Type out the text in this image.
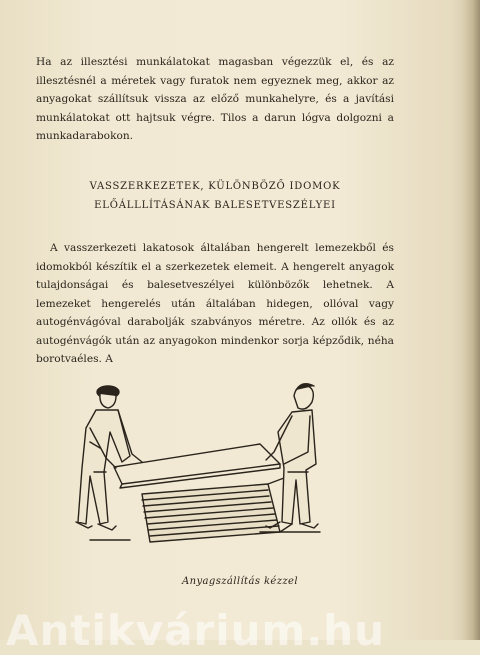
Ha az illesztési munkálatokat magasban végezzük el, és az illesztésnél a méretek vagy furatok nem egyeznek meg, akkor az anyagokat szállítsuk vissza az előző munkahelyre, és a javítási munkálatokat ott hajtsuk végre. Tilos a darun lógva dolgozni a munkadarabokon.

VASSZERKEZETEK, KÜLÖNBÖZŐ IDOMOK
ELŐÁLLLÍTÁSÁNAK BALESETVESZÉLYEI

A vasszerkezeti lakatosok általában hengerelt lemezekből és idomokból készítik el a szerkezetek elemeit. A hengerelt anyagok tulajdonságai és balesetveszélyei különbözők lehetnek. A lemezeket hengerelés után általában hidegen, ollóval vagy autogénvágóval darabolják szabványos méretre. Az ollók és az autogénvágók után az anyagokon mindenkor sorja képződik, néha borotvaéles. A

Anyagszállítás kézzel
Antikvárium.hu
